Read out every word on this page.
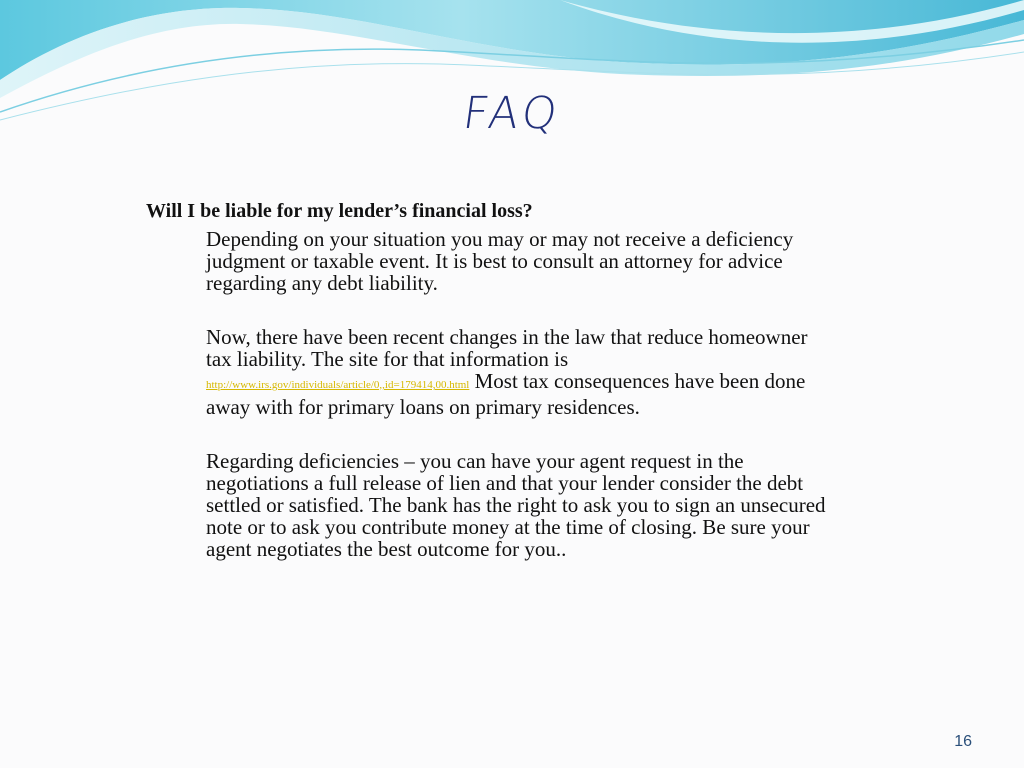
FAQ

Will I be liable for my lender’s financial loss?

Depending on your situation you may or may not receive a deficiency judgment or taxable event. It is best to consult an attorney for advice regarding any debt liability.

Now, there have been recent changes in the law that reduce homeowner tax liability. The site for that information is http://www.irs.gov/individuals/article/0,,id=179414,00.html Most tax consequences have been done away with for primary loans on primary residences.

Regarding deficiencies – you can have your agent request in the negotiations a full release of lien and that your lender consider the debt settled or satisfied. The bank has the right to ask you to sign an unsecured note or to ask you contribute money at the time of closing. Be sure your agent negotiates the best outcome for you..

16
